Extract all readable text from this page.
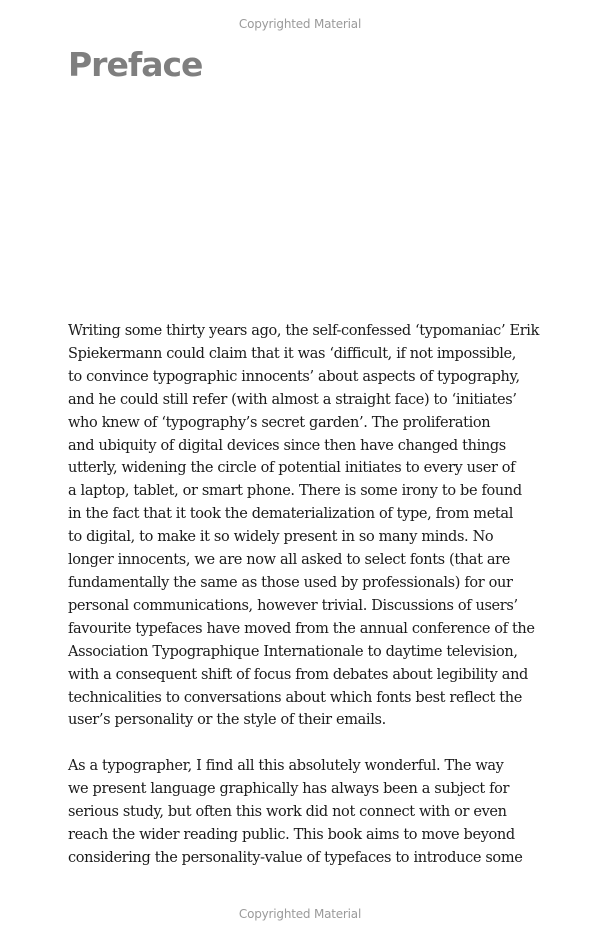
Copyrighted Material
Preface

Writing some thirty years ago, the self-confessed ‘typomaniac’ Erik
Spiekermann could claim that it was ‘difficult, if not impossible,
to convince typographic innocents’ about aspects of typography,
and he could still refer (with almost a straight face) to ‘initiates’
who knew of ‘typography’s secret garden’. The proliferation
and ubiquity of digital devices since then have changed things
utterly, widening the circle of potential initiates to every user of
a laptop, tablet, or smart phone. There is some irony to be found
in the fact that it took the dematerialization of type, from metal
to digital, to make it so widely present in so many minds. No
longer innocents, we are now all asked to select fonts (that are
fundamentally the same as those used by professionals) for our
personal communications, however trivial. Discussions of users’
favourite typefaces have moved from the annual conference of the
Association Typographique Internationale to daytime television,
with a consequent shift of focus from debates about legibility and
technicalities to conversations about which fonts best reflect the
user’s personality or the style of their emails.

As a typographer, I find all this absolutely wonderful. The way
we present language graphically has always been a subject for
serious study, but often this work did not connect with or even
reach the wider reading public. This book aims to move beyond
considering the personality-value of typefaces to introduce some

Copyrighted Material
